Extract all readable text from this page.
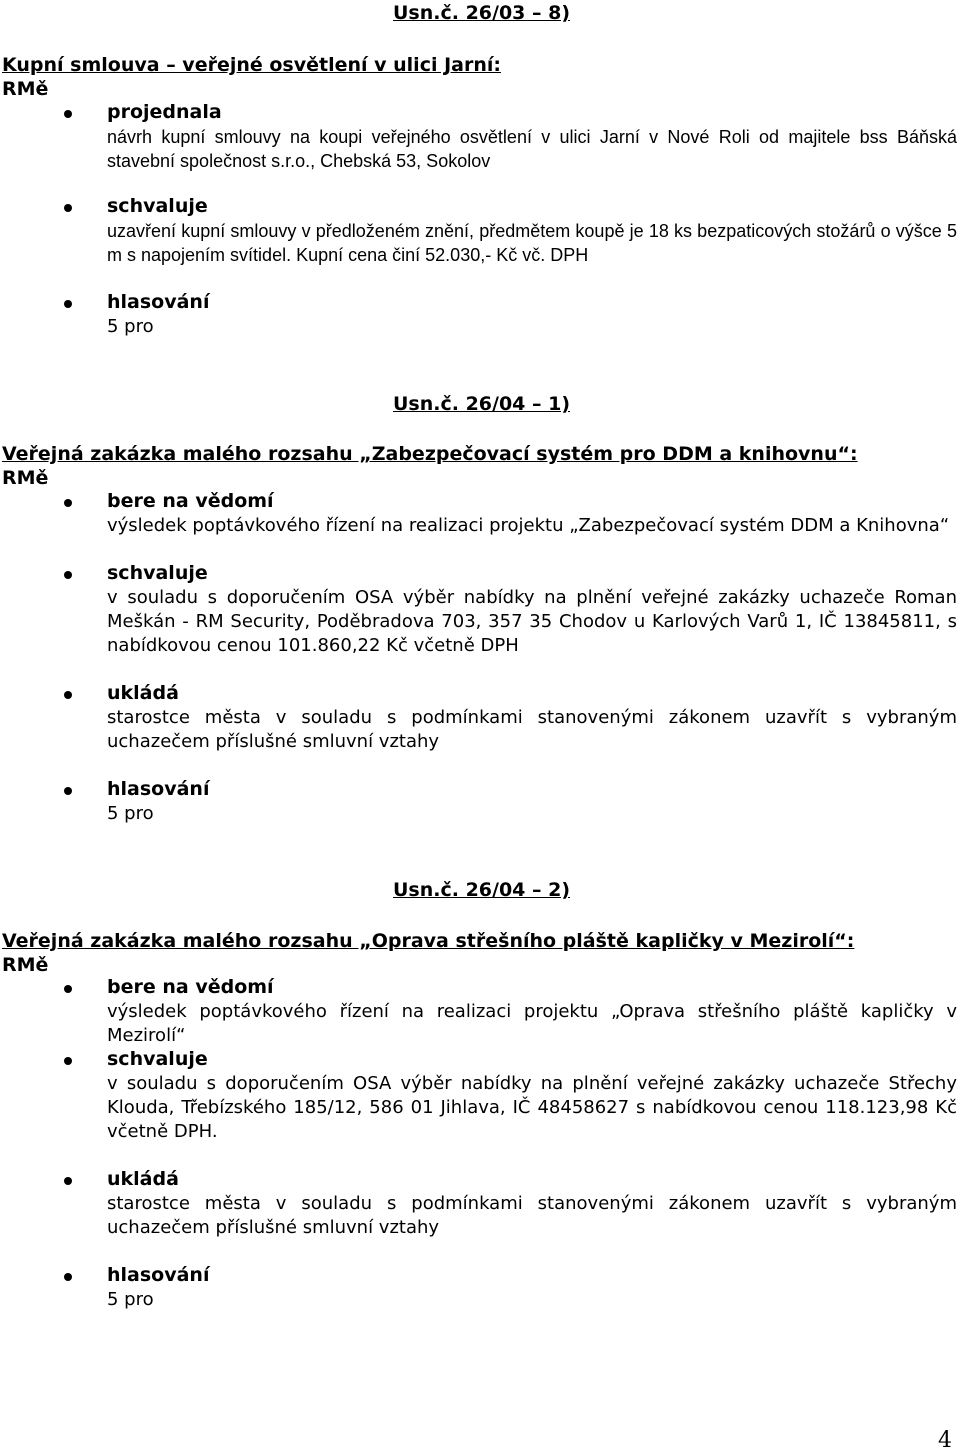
Usn.č. 26/03 – 8)
Kupní smlouva – veřejné osvětlení v ulici Jarní:
RMě
projednala
návrh kupní smlouvy na koupi veřejného osvětlení v ulici Jarní v Nové Roli od majitele bss Báňská stavební společnost s.r.o., Chebská 53, Sokolov
schvaluje
uzavření kupní smlouvy v předloženém znění, předmětem koupě je 18 ks bezpaticových stožárů o výšce 5 m s napojením svítidel. Kupní cena činí 52.030,- Kč vč. DPH
hlasování
5 pro
Usn.č. 26/04 – 1)
Veřejná zakázka malého rozsahu „Zabezpečovací systém pro DDM a knihovnu“:
RMě
bere na vědomí
výsledek poptávkového řízení na realizaci projektu „Zabezpečovací systém DDM a Knihovna“
schvaluje
v souladu s doporučením OSA výběr nabídky na plnění veřejné zakázky uchazeče Roman Meškán - RM Security, Poděbradova 703, 357 35 Chodov u Karlových Varů 1, IČ 13845811, s nabídkovou cenou 101.860,22 Kč včetně DPH
ukládá
starostce města v souladu s podmínkami stanovenými zákonem uzavřít s vybraným uchazečem příslušné smluvní vztahy
hlasování
5 pro
Usn.č. 26/04 – 2)
Veřejná zakázka malého rozsahu „Oprava střešního pláště kapličky v Mezirolí“:
RMě
bere na vědomí
výsledek poptávkového řízení na realizaci projektu „Oprava střešního pláště kapličky v Mezirolí“
schvaluje
v souladu s doporučením OSA výběr nabídky na plnění veřejné zakázky uchazeče Střechy Klouda, Třebízského 185/12, 586 01 Jihlava, IČ 48458627 s nabídkovou cenou 118.123,98 Kč včetně DPH.
ukládá
starostce města v souladu s podmínkami stanovenými zákonem uzavřít s vybraným uchazečem příslušné smluvní vztahy
hlasování
5 pro
4
